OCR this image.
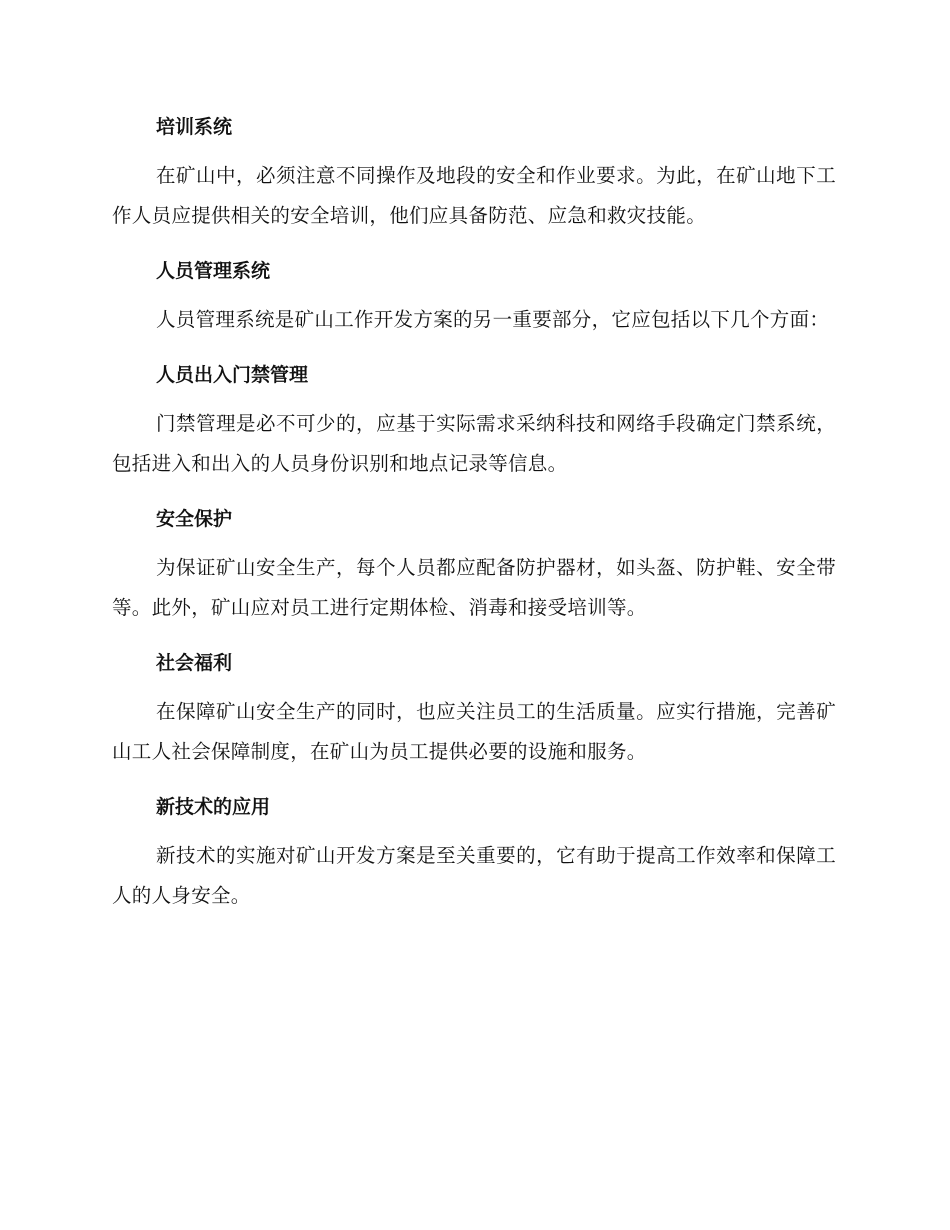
培训系统

在矿山中，必须注意不同操作及地段的安全和作业要求。为此，在矿山地下工作人员应提供相关的安全培训，他们应具备防范、应急和救灾技能。

人员管理系统

人员管理系统是矿山工作开发方案的另一重要部分，它应包括以下几个方面：

人员出入门禁管理

门禁管理是必不可少的，应基于实际需求采纳科技和网络手段确定门禁系统，包括进入和出入的人员身份识别和地点记录等信息。

安全保护

为保证矿山安全生产，每个人员都应配备防护器材，如头盔、防护鞋、安全带等。此外，矿山应对员工进行定期体检、消毒和接受培训等。

社会福利

在保障矿山安全生产的同时，也应关注员工的生活质量。应实行措施，完善矿山工人社会保障制度，在矿山为员工提供必要的设施和服务。

新技术的应用

新技术的实施对矿山开发方案是至关重要的，它有助于提高工作效率和保障工人的人身安全。
